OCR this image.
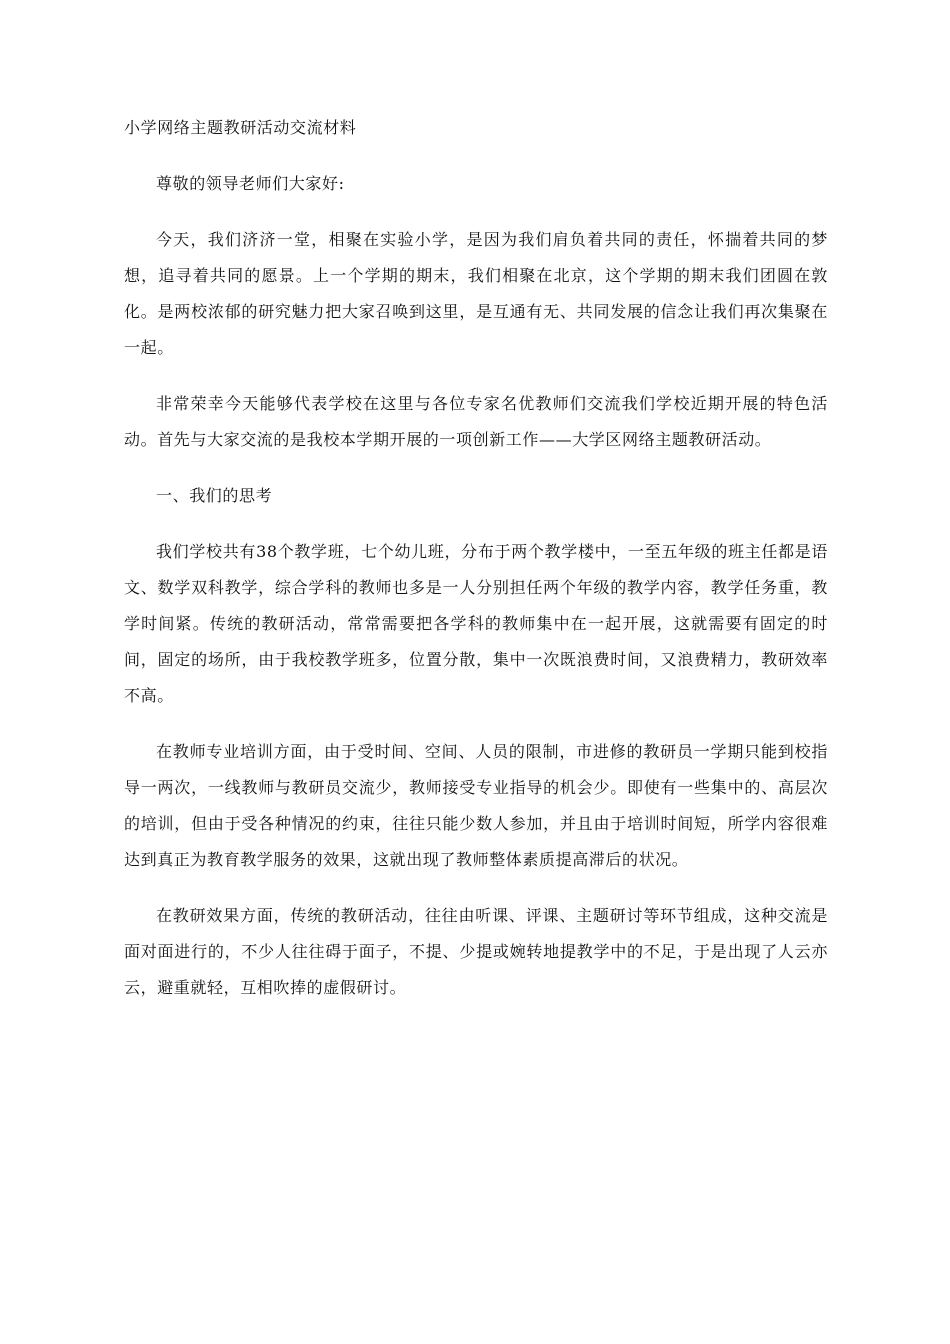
小学网络主题教研活动交流材料

尊敬的领导老师们大家好:

今天，我们济济一堂，相聚在实验小学，是因为我们肩负着共同的责任，怀揣着共同的梦想，追寻着共同的愿景。上一个学期的期末，我们相聚在北京，这个学期的期末我们团圆在敦化。是两校浓郁的研究魅力把大家召唤到这里，是互通有无、共同发展的信念让我们再次集聚在一起。

非常荣幸今天能够代表学校在这里与各位专家名优教师们交流我们学校近期开展的特色活动。首先与大家交流的是我校本学期开展的一项创新工作——大学区网络主题教研活动。

一、我们的思考

我们学校共有38个教学班，七个幼儿班，分布于两个教学楼中，一至五年级的班主任都是语文、数学双科教学，综合学科的教师也多是一人分别担任两个年级的教学内容，教学任务重，教学时间紧。传统的教研活动，常常需要把各学科的教师集中在一起开展，这就需要有固定的时间，固定的场所，由于我校教学班多，位置分散，集中一次既浪费时间，又浪费精力，教研效率不高。

在教师专业培训方面，由于受时间、空间、人员的限制，市进修的教研员一学期只能到校指导一两次，一线教师与教研员交流少，教师接受专业指导的机会少。即使有一些集中的、高层次的培训，但由于受各种情况的约束，往往只能少数人参加，并且由于培训时间短，所学内容很难达到真正为教育教学服务的效果，这就出现了教师整体素质提高滞后的状况。

在教研效果方面，传统的教研活动，往往由听课、评课、主题研讨等环节组成，这种交流是面对面进行的，不少人往往碍于面子，不提、少提或婉转地提教学中的不足，于是出现了人云亦云，避重就轻，互相吹捧的虚假研讨。
